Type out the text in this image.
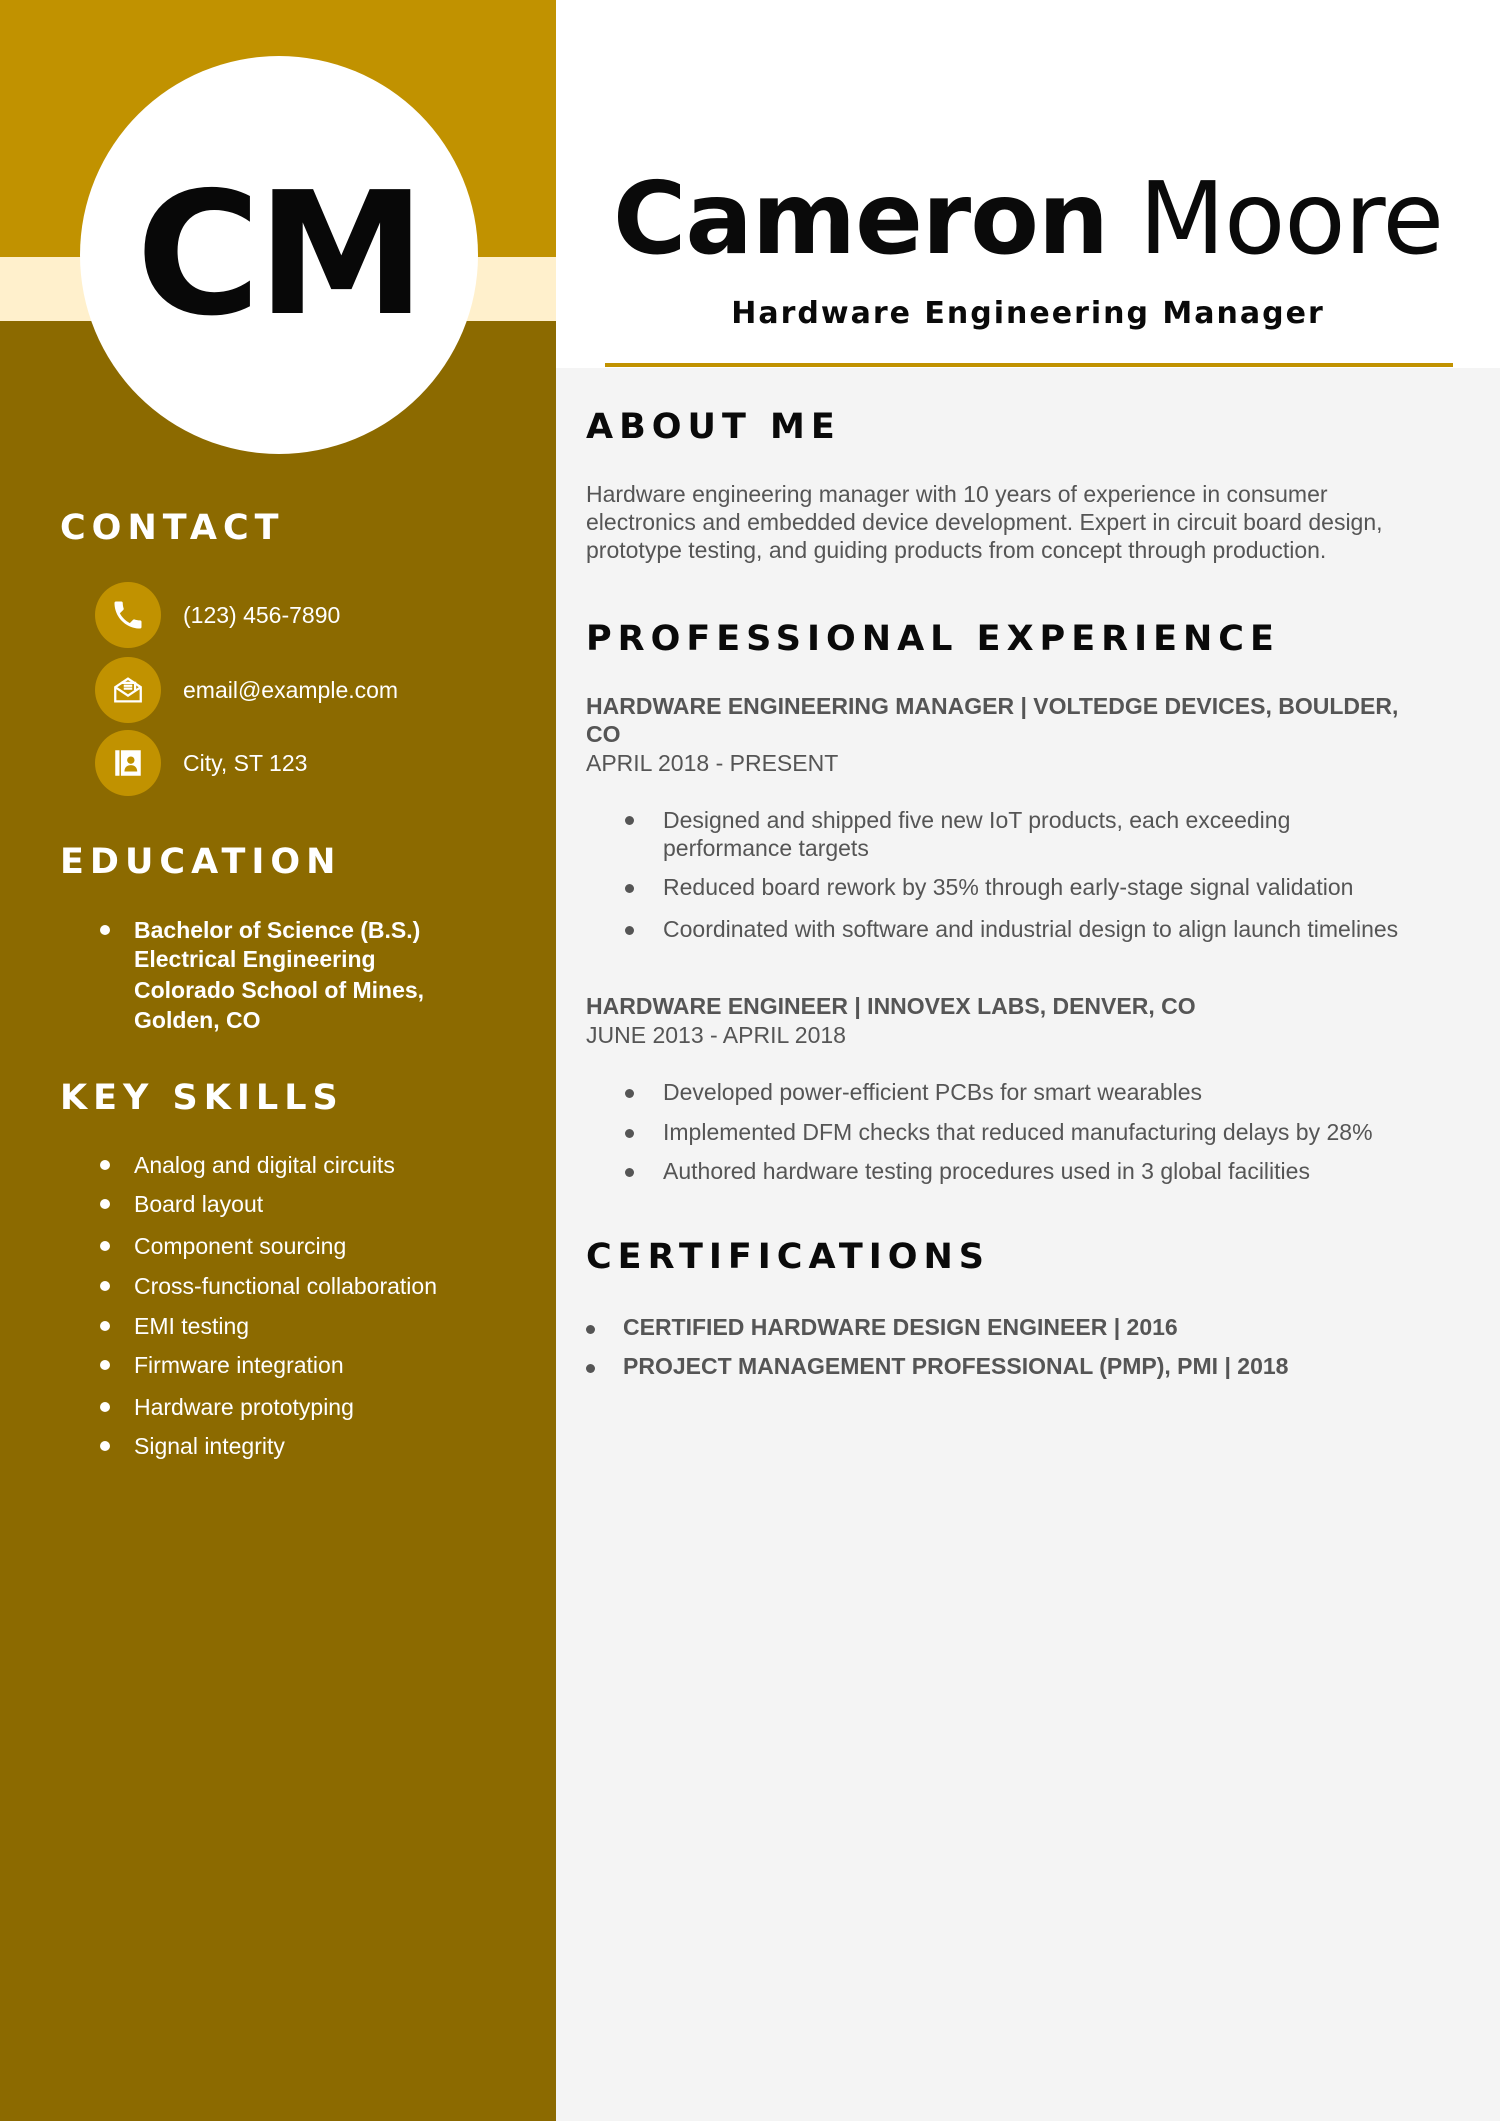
CM	Cameron Moore
Hardware Engineering Manager
CONTACT
(123) 456-7890
email@example.com
City, ST 123
EDUCATION
Bachelor of Science (B.S.)
Electrical Engineering
Colorado School of Mines,
Golden, CO
KEY SKILLS
Analog and digital circuits
Board layout
Component sourcing
Cross-functional collaboration
EMI testing
Firmware integration
Hardware prototyping
Signal integrity
ABOUT ME
Hardware engineering manager with 10 years of experience in consumer
electronics and embedded device development. Expert in circuit board design,
prototype testing, and guiding products from concept through production.
PROFESSIONAL EXPERIENCE
HARDWARE ENGINEERING MANAGER | VOLTEDGE DEVICES, BOULDER, CO
APRIL 2018 - PRESENT
Designed and shipped five new IoT products, each exceeding performance targets
Reduced board rework by 35% through early-stage signal validation
Coordinated with software and industrial design to align launch timelines
HARDWARE ENGINEER | INNOVEX LABS, DENVER, CO
JUNE 2013 - APRIL 2018
Developed power-efficient PCBs for smart wearables
Implemented DFM checks that reduced manufacturing delays by 28%
Authored hardware testing procedures used in 3 global facilities
CERTIFICATIONS
CERTIFIED HARDWARE DESIGN ENGINEER | 2016
PROJECT MANAGEMENT PROFESSIONAL (PMP), PMI | 2018
